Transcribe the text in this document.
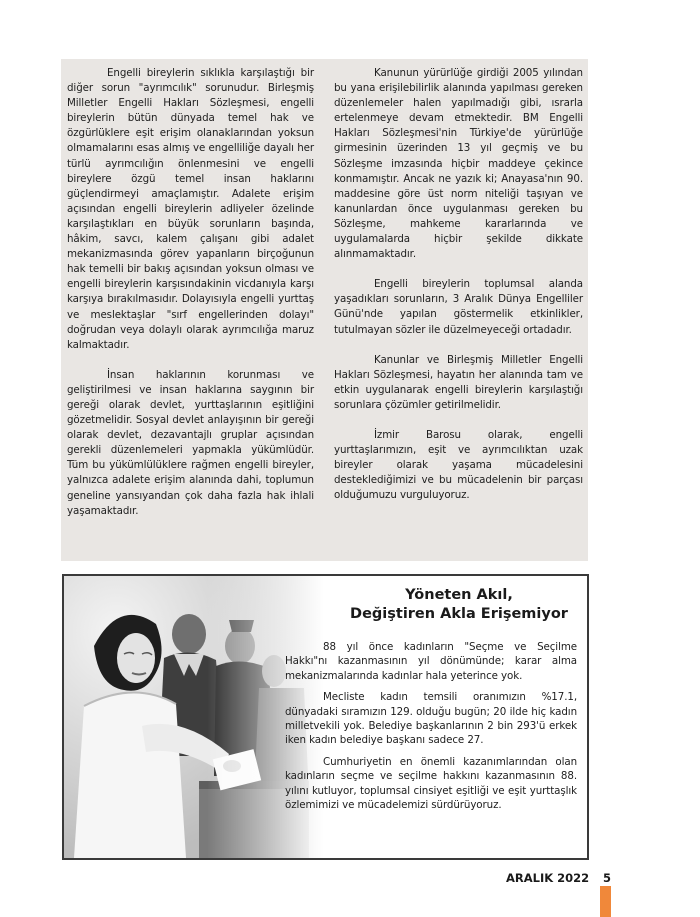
Engelli bireylerin sıklıkla karşılaştığı bir diğer sorun "ayrımcılık" sorunudur. Birleşmiş Milletler Engelli Hakları Sözleşmesi, engelli bireylerin bütün dünyada temel hak ve özgürlüklere eşit erişim olanaklarından yoksun olmamalarını esas almış ve engelliliğe dayalı her türlü ayrımcılığın önlenmesini ve engelli bireylere özgü temel insan haklarını güçlendirmeyi amaçlamıştır. Adalete erişim açısından engelli bireylerin adliyeler özelinde karşılaştıkları en büyük sorunların başında, hâkim, savcı, kalem çalışanı gibi adalet mekanizmasında görev yapanların birçoğunun hak temelli bir bakış açısından yoksun olması ve engelli bireylerin karşısındakinin vicdanıyla karşı karşıya bırakılmasıdır. Dolayısıyla engelli yurttaş ve meslektaşlar "sırf engellerinden dolayı" doğrudan veya dolaylı olarak ayrımcılığa maruz kalmaktadır.

İnsan haklarının korunması ve geliştirilmesi ve insan haklarına saygının bir gereği olarak devlet, yurttaşlarının eşitliğini gözetmelidir. Sosyal devlet anlayışının bir gereği olarak devlet, dezavantajlı gruplar açısından gerekli düzenlemeleri yapmakla yükümlüdür. Tüm bu yükümlülüklere rağmen engelli bireyler, yalnızca adalete erişim alanında dahi, toplumun geneline yansıyandan çok daha fazla hak ihlali yaşamaktadır.

Kanunun yürürlüğe girdiği 2005 yılından bu yana erişilebilirlik alanında yapılması gereken düzenlemeler halen yapılmadığı gibi, ısrarla ertelenmeye devam etmektedir. BM Engelli Hakları Sözleşmesi'nin Türkiye'de yürürlüğe girmesinin üzerinden 13 yıl geçmiş ve bu Sözleşme imzasında hiçbir maddeye çekince konmamıştır. Ancak ne yazık ki; Anayasa'nın 90. maddesine göre üst norm niteliği taşıyan ve kanunlardan önce uygulanması gereken bu Sözleşme, mahkeme kararlarında ve uygulamalarda hiçbir şekilde dikkate alınmamaktadır.

Engelli bireylerin toplumsal alanda yaşadıkları sorunların, 3 Aralık Dünya Engelliler Günü'nde yapılan göstermelik etkinlikler, tutulmayan sözler ile düzelmeyeceği ortadadır.

Kanunlar ve Birleşmiş Milletler Engelli Hakları Sözleşmesi, hayatın her alanında tam ve etkin uygulanarak engelli bireylerin karşılaştığı sorunlara çözümler getirilmelidir.

İzmir Barosu olarak, engelli yurttaşlarımızın, eşit ve ayrımcılıktan uzak bireyler olarak yaşama mücadelesini desteklediğimizi ve bu mücadelenin bir parçası olduğumuzu vurguluyoruz.

Yöneten Akıl,
Değiştiren Akla Erişemiyor

88 yıl önce kadınların "Seçme ve Seçilme Hakkı"nı kazanmasının yıl dönümünde; karar alma mekanizmalarında kadınlar hala yeterince yok.

Mecliste kadın temsili oranımızın %17.1, dünyadaki sıramızın 129. olduğu bugün; 20 ilde hiç kadın milletvekili yok. Belediye başkanlarının 2 bin 293'ü erkek iken kadın belediye başkanı sadece 27.

Cumhuriyetin en önemli kazanımlarından olan kadınların seçme ve seçilme hakkını kazanmasının 88. yılını kutluyor, toplumsal cinsiyet eşitliği ve eşit yurttaşlık özlemimizi ve mücadelemizi sürdürüyoruz.

ARALIK 2022 5
